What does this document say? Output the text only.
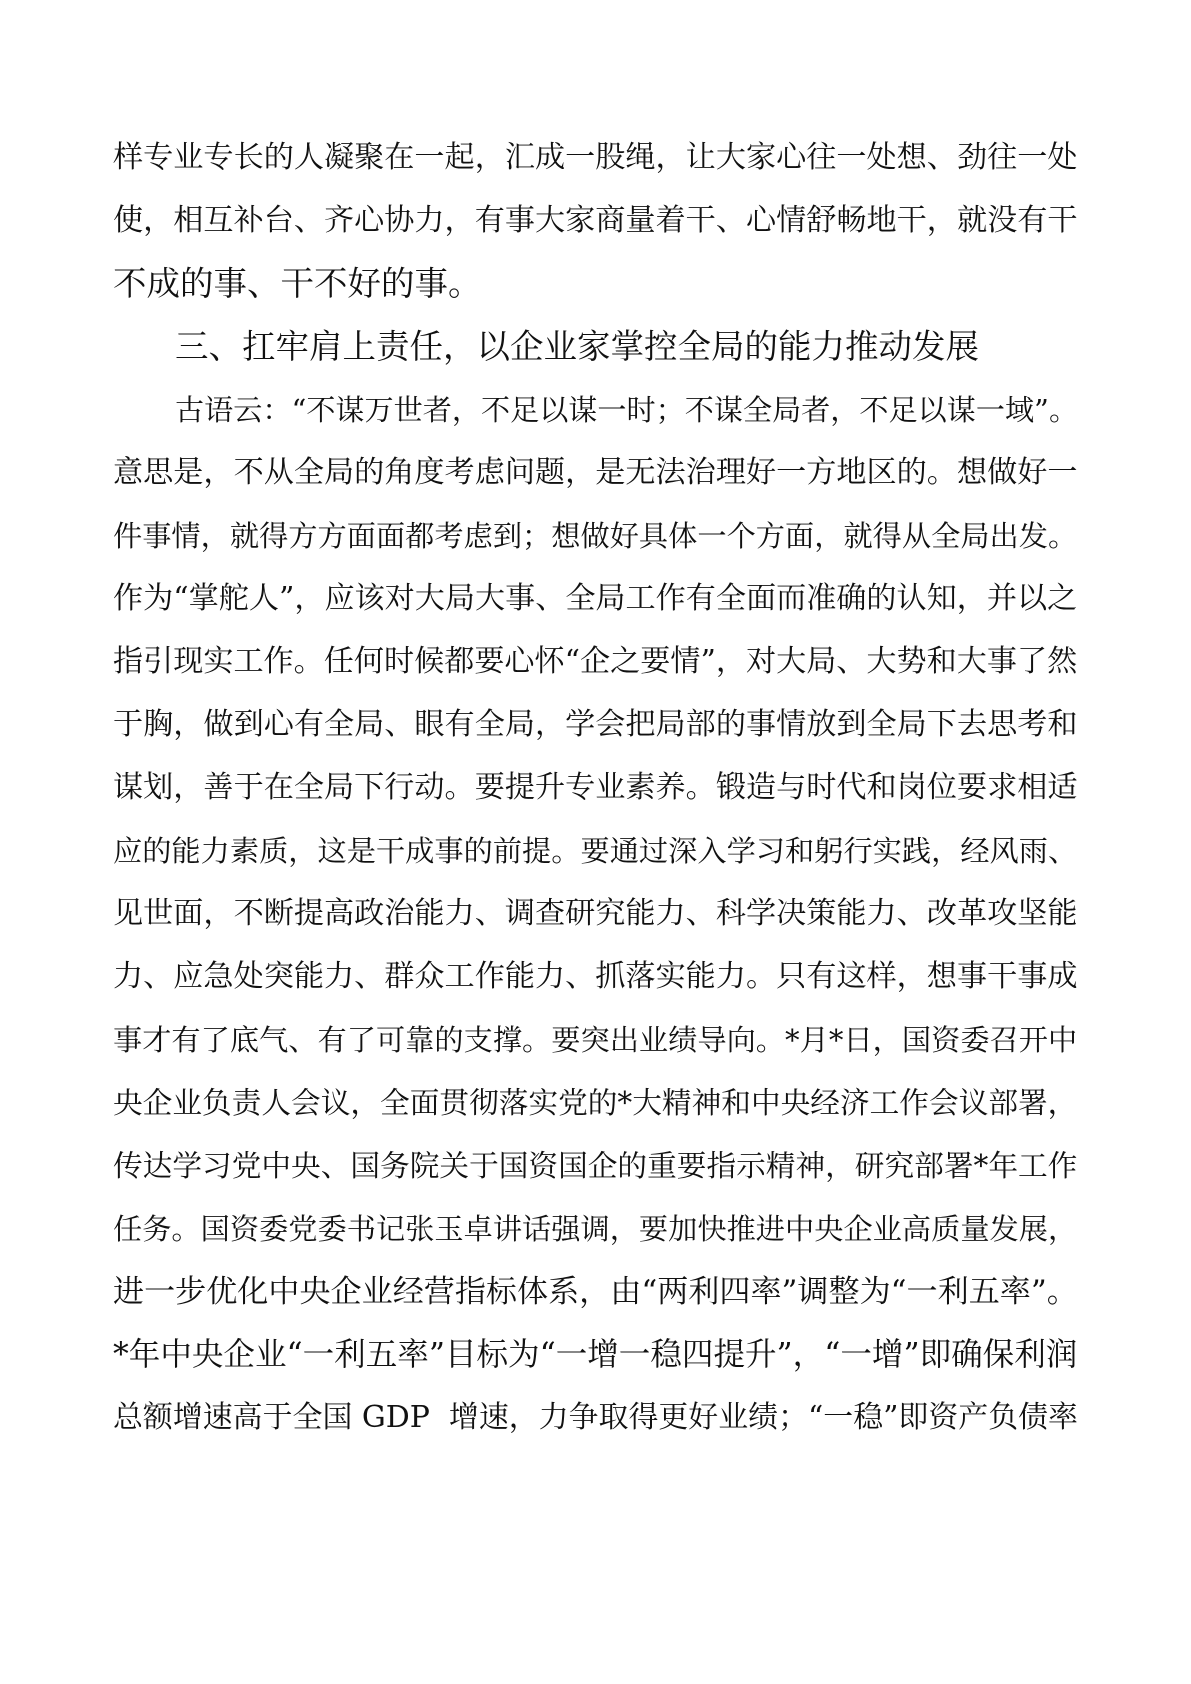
样专业专长的人凝聚在一起，汇成一股绳，让大家心往一处想、劲往一处

使，相互补台、齐心协力，有事大家商量着干、心情舒畅地干，就没有干

不成的事、干不好的事。

三、扛牢肩上责任，以企业家掌控全局的能力推动发展

古语云：“不谋万世者，不足以谋一时；不谋全局者，不足以谋一域”。

意思是，不从全局的角度考虑问题，是无法治理好一方地区的。想做好一

件事情，就得方方面面都考虑到；想做好具体一个方面，就得从全局出发。

作为“掌舵人”，应该对大局大事、全局工作有全面而准确的认知，并以之

指引现实工作。任何时候都要心怀“企之要情”，对大局、大势和大事了然

于胸，做到心有全局、眼有全局，学会把局部的事情放到全局下去思考和

谋划，善于在全局下行动。要提升专业素养。锻造与时代和岗位要求相适

应的能力素质，这是干成事的前提。要通过深入学习和躬行实践，经风雨、

见世面，不断提高政治能力、调查研究能力、科学决策能力、改革攻坚能

力、应急处突能力、群众工作能力、抓落实能力。只有这样，想事干事成

事才有了底气、有了可靠的支撑。要突出业绩导向。*月*日，国资委召开中

央企业负责人会议，全面贯彻落实党的*大精神和中央经济工作会议部署，

传达学习党中央、国务院关于国资国企的重要指示精神，研究部署*年工作

任务。国资委党委书记张玉卓讲话强调，要加快推进中央企业高质量发展，

进一步优化中央企业经营指标体系，由“两利四率”调整为“一利五率”。

*年中央企业“一利五率”目标为“一增一稳四提升”，“一增”即确保利润

总额增速高于全国 GDP  增速，力争取得更好业绩；“一稳”即资产负债率
